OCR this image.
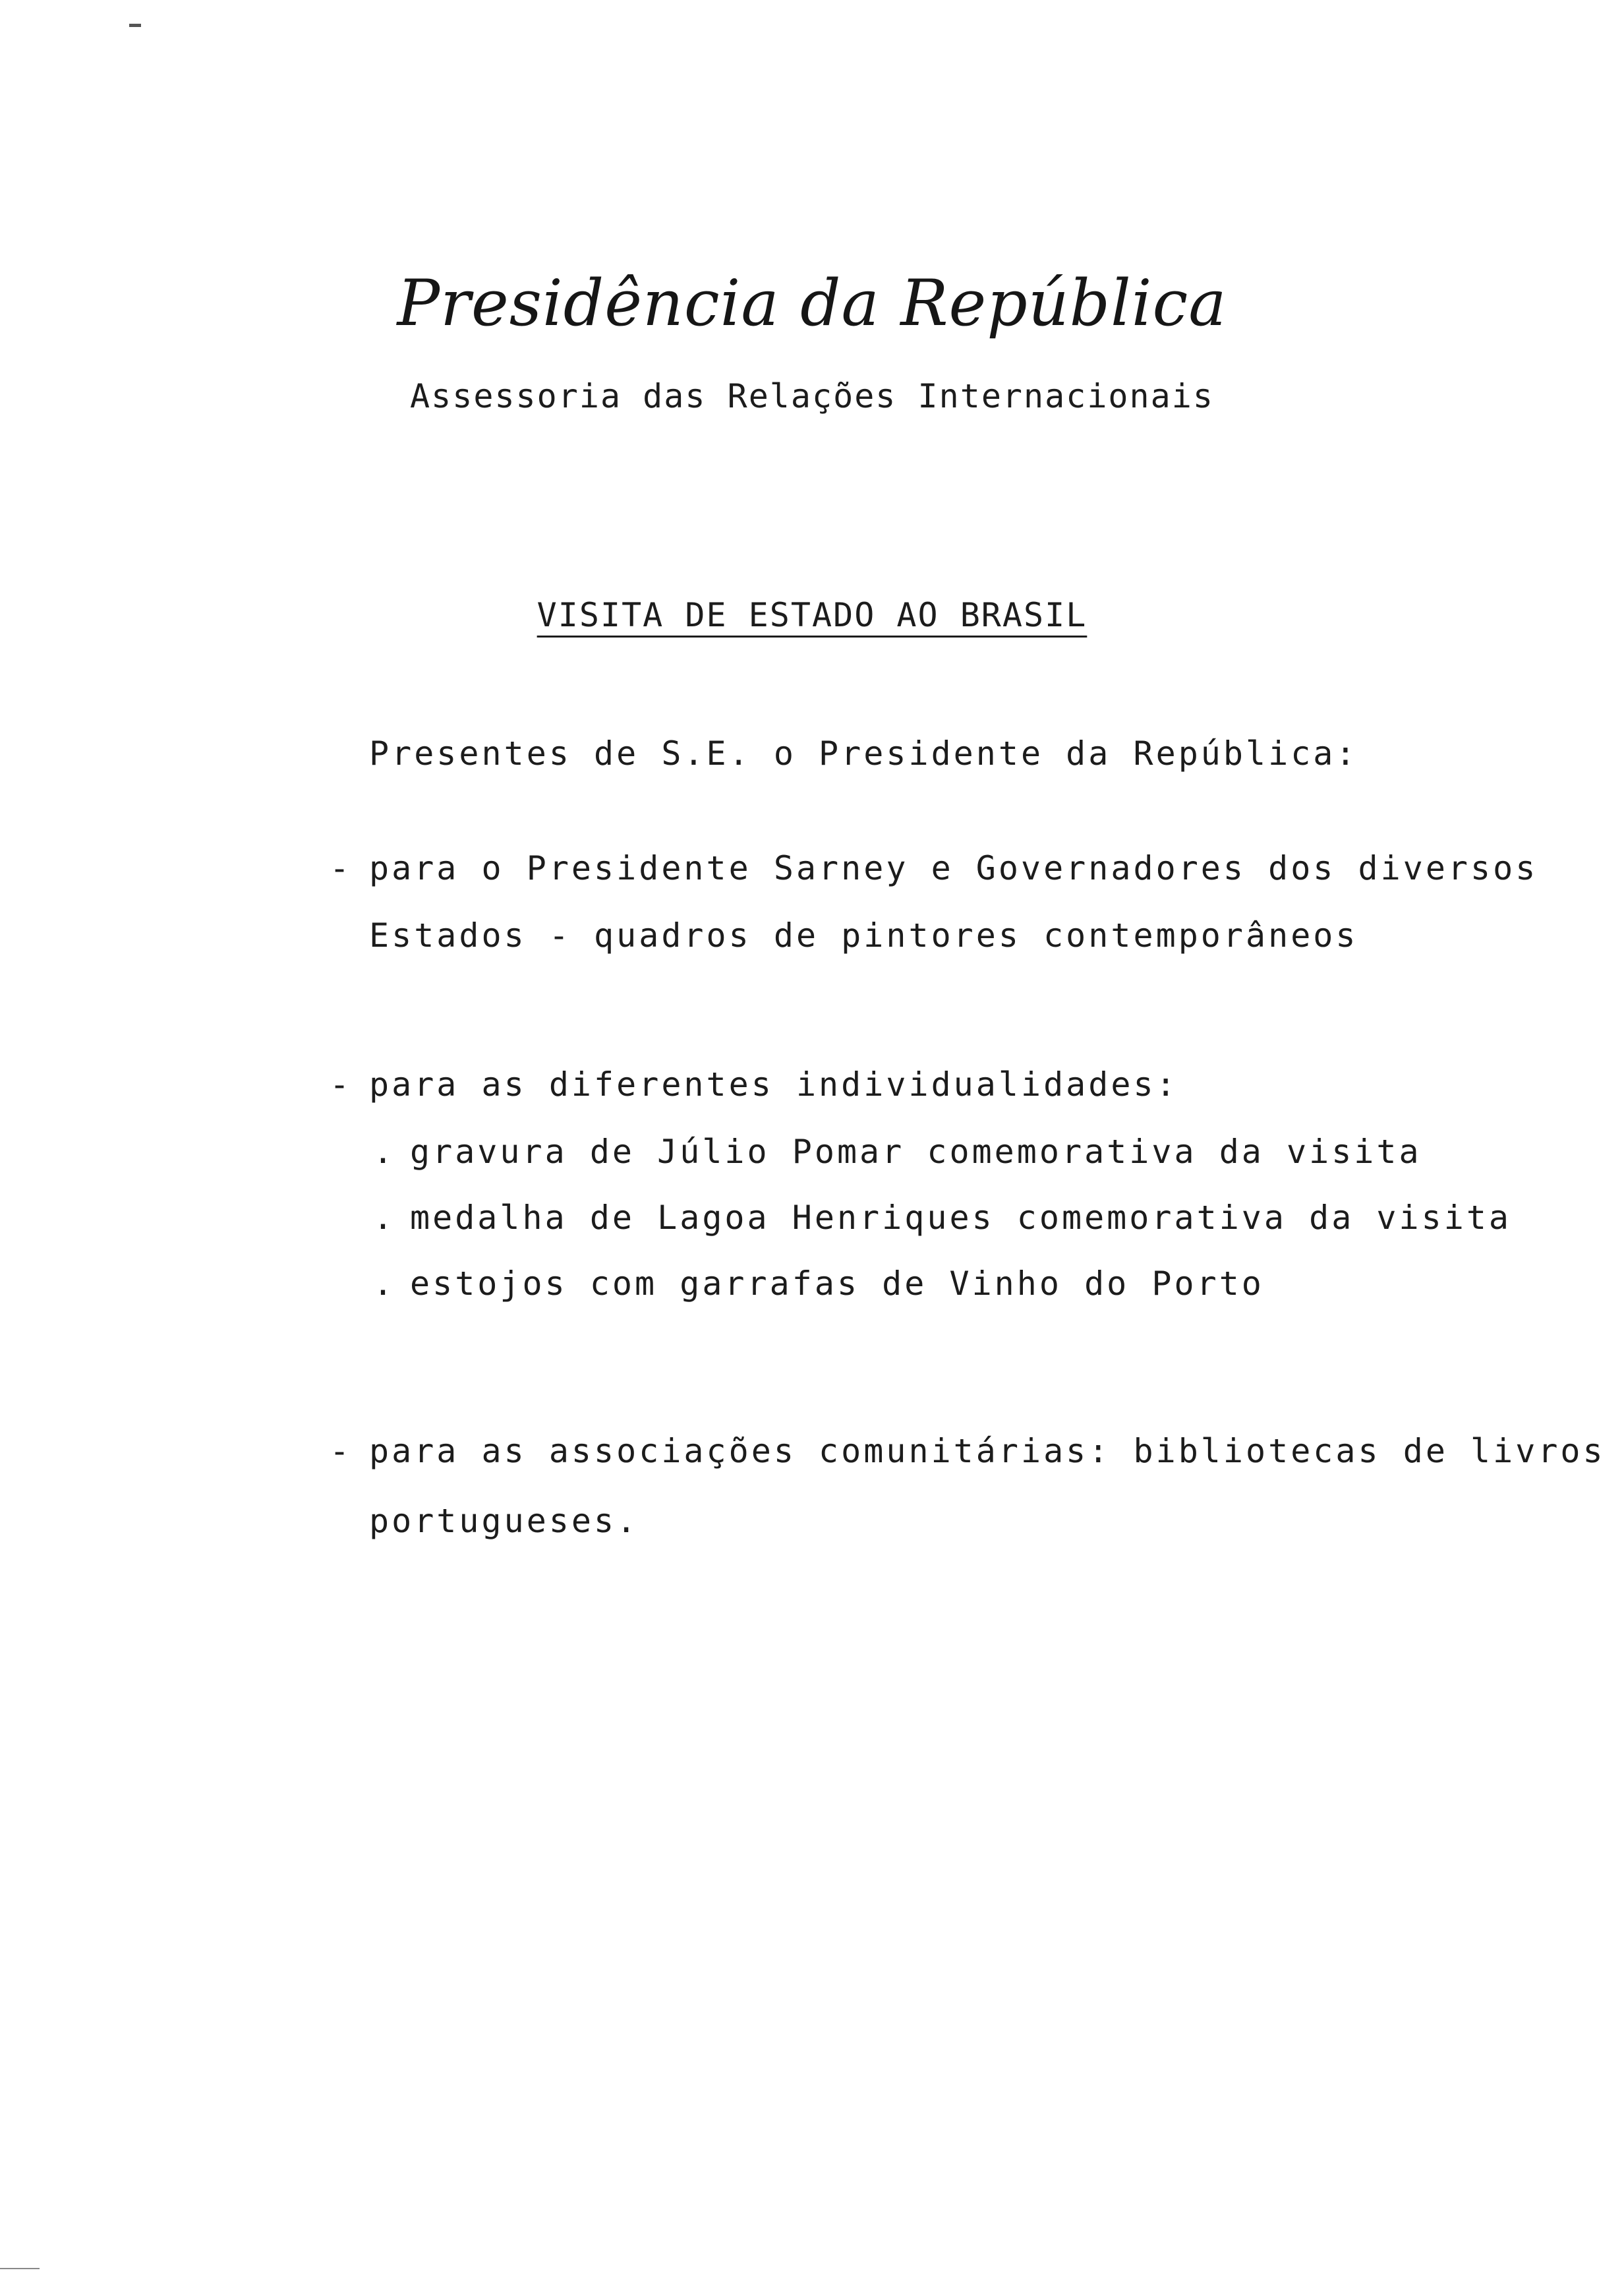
Presidência da República
Assessoria das Relações Internacionais
VISITA DE ESTADO AO BRASIL
Presentes de S.E. o Presidente da República:
- para o Presidente Sarney e Governadores dos diversos
Estados - quadros de pintores contemporâneos
- para as diferentes individualidades:
. gravura de Júlio Pomar comemorativa da visita
. medalha de Lagoa Henriques comemorativa da visita
. estojos com garrafas de Vinho do Porto
- para as associações comunitárias: bibliotecas de livros
portugueses.
